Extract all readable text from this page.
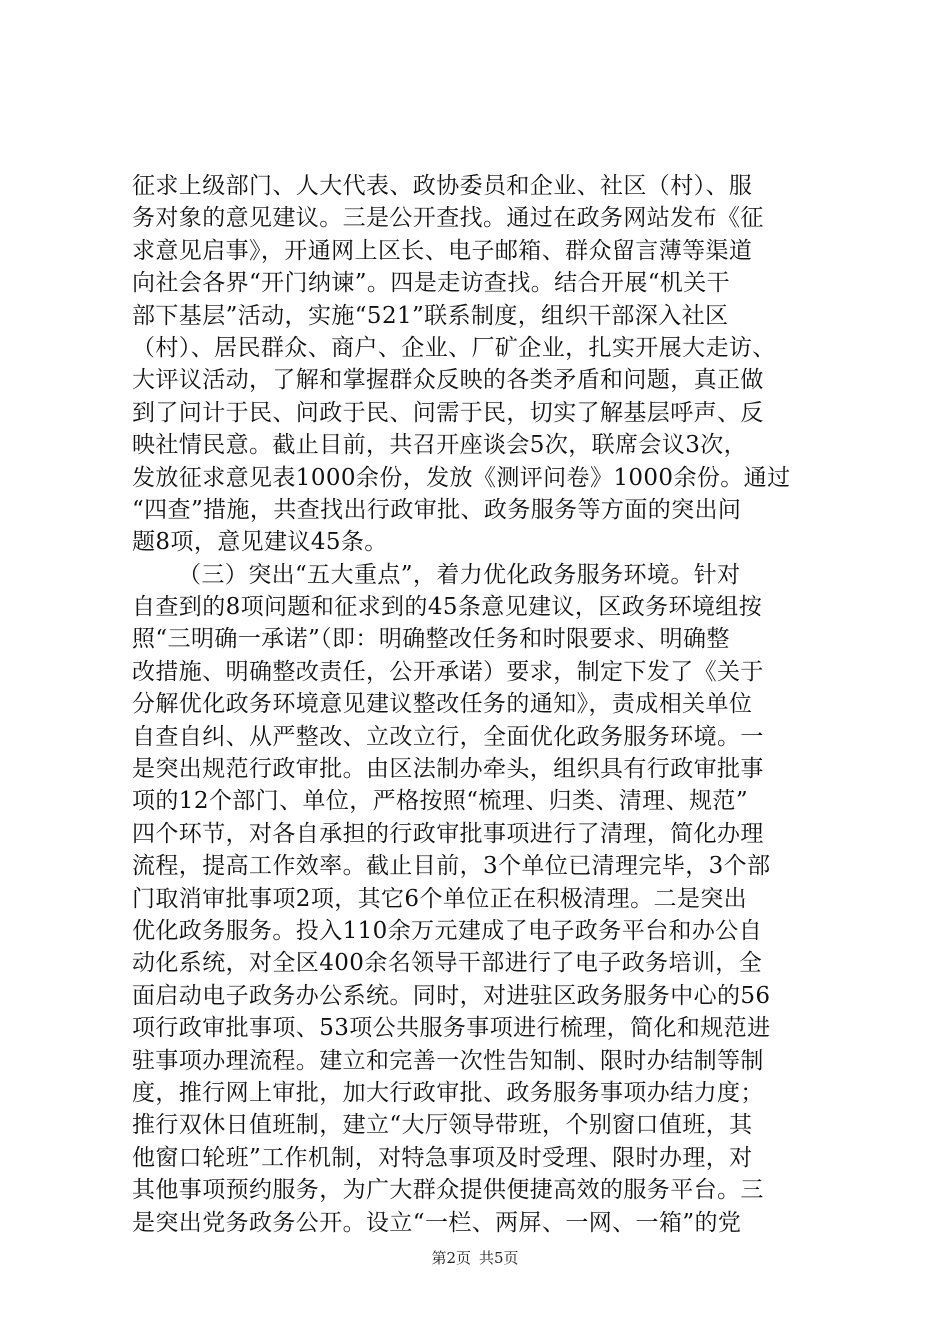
征求上级部门、人大代表、政协委员和企业、社区（村）、服
务对象的意见建议。三是公开查找。通过在政务网站发布《征
求意见启事》，开通网上区长、电子邮箱、群众留言薄等渠道
向社会各界“开门纳谏”。四是走访查找。结合开展“机关干
部下基层”活动，实施“521”联系制度，组织干部深入社区
（村）、居民群众、商户、企业、厂矿企业，扎实开展大走访、
大评议活动，了解和掌握群众反映的各类矛盾和问题，真正做
到了问计于民、问政于民、问需于民，切实了解基层呼声、反
映社情民意。截止目前，共召开座谈会5次，联席会议3次，
发放征求意见表1000余份，发放《测评问卷》1000余份。通过
“四查”措施，共查找出行政审批、政务服务等方面的突出问
题8项，意见建议45条。
（三）突出“五大重点”，着力优化政务服务环境。针对
自查到的8项问题和征求到的45条意见建议，区政务环境组按
照“三明确一承诺”（即：明确整改任务和时限要求、明确整
改措施、明确整改责任，公开承诺）要求，制定下发了《关于
分解优化政务环境意见建议整改任务的通知》，责成相关单位
自查自纠、从严整改、立改立行，全面优化政务服务环境。一
是突出规范行政审批。由区法制办牵头，组织具有行政审批事
项的12个部门、单位，严格按照“梳理、归类、清理、规范”
四个环节，对各自承担的行政审批事项进行了清理，简化办理
流程，提高工作效率。截止目前，3个单位已清理完毕，3个部
门取消审批事项2项，其它6个单位正在积极清理。二是突出
优化政务服务。投入110余万元建成了电子政务平台和办公自
动化系统，对全区400余名领导干部进行了电子政务培训，全
面启动电子政务办公系统。同时，对进驻区政务服务中心的56
项行政审批事项、53项公共服务事项进行梳理，简化和规范进
驻事项办理流程。建立和完善一次性告知制、限时办结制等制
度，推行网上审批，加大行政审批、政务服务事项办结力度；
推行双休日值班制，建立“大厅领导带班，个别窗口值班，其
他窗口轮班”工作机制，对特急事项及时受理、限时办理，对
其他事项预约服务，为广大群众提供便捷高效的服务平台。三
是突出党务政务公开。设立“一栏、两屏、一网、一箱”的党
第2页 共5页
